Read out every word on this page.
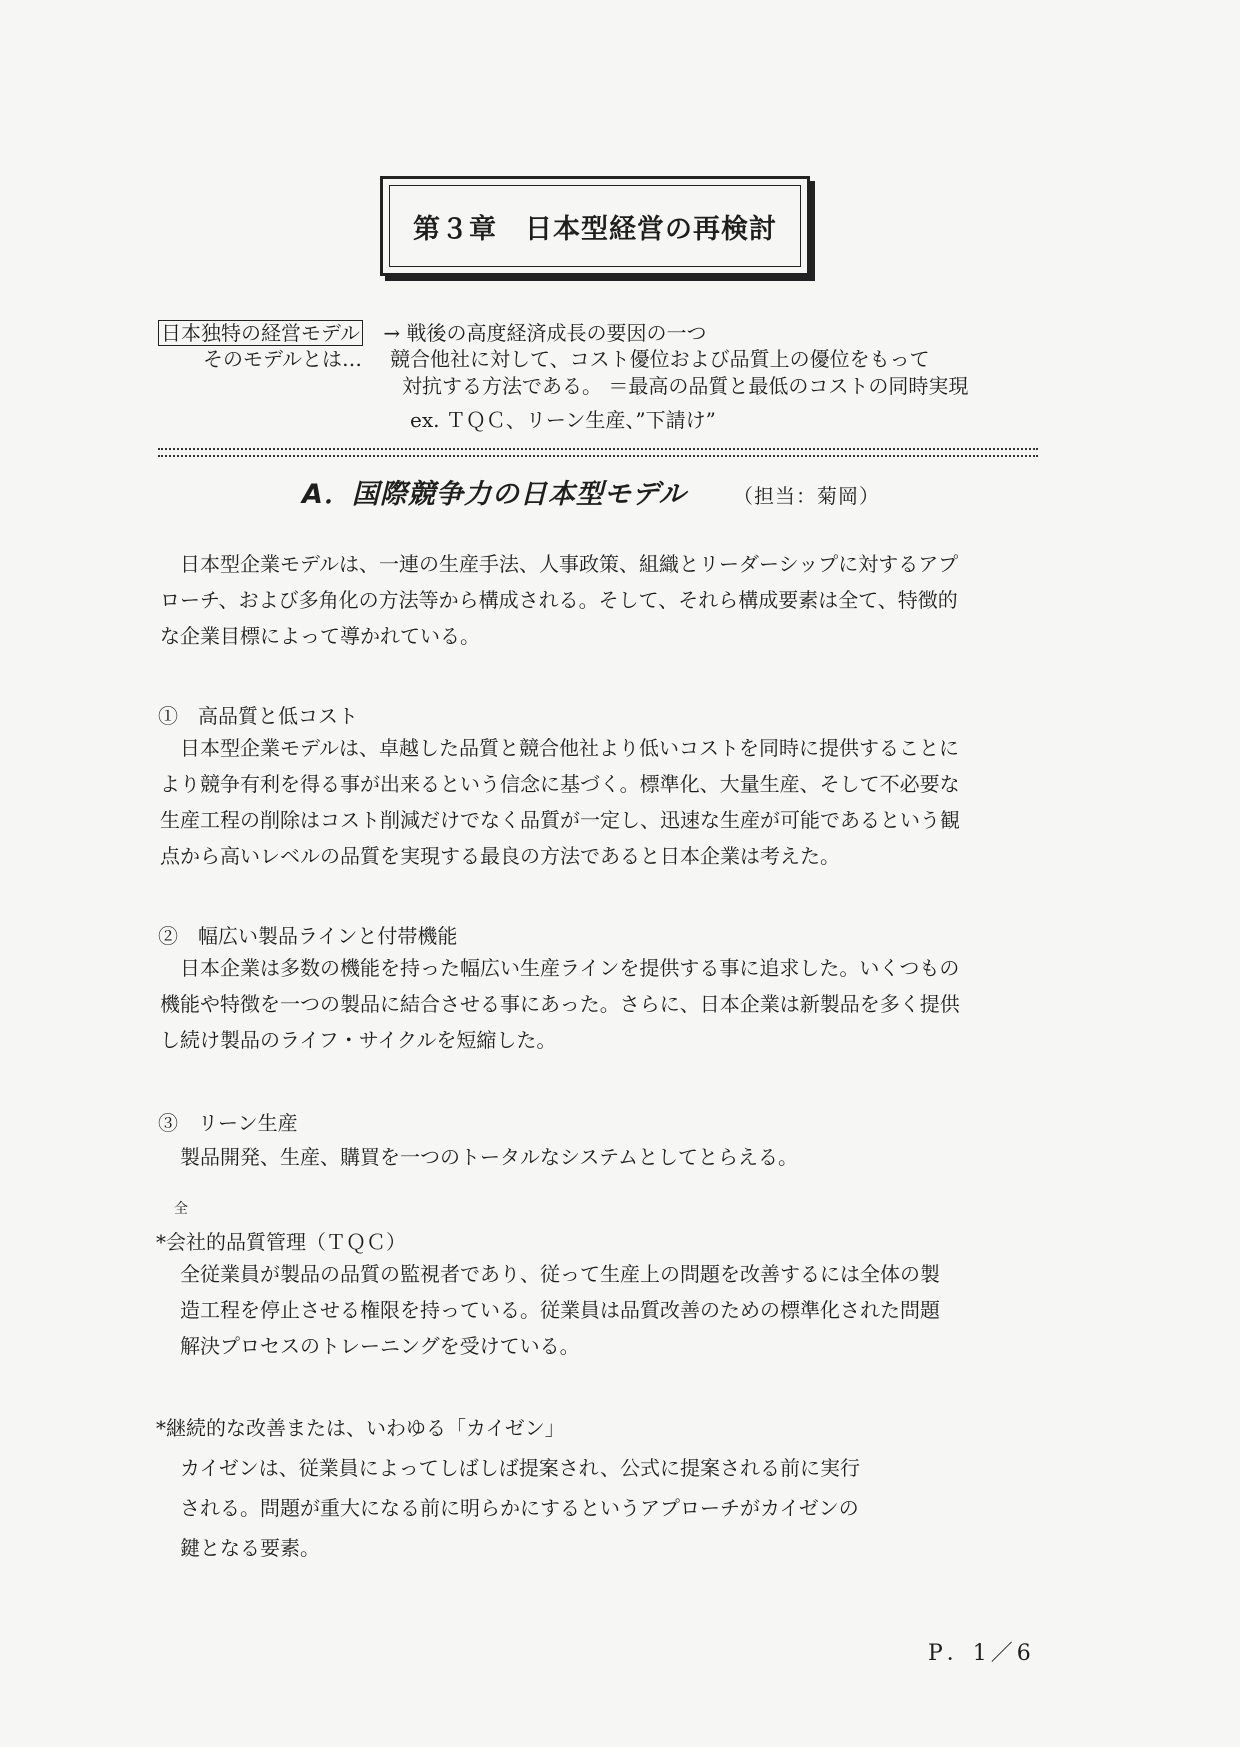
第３章　日本型経営の再検討
日本独特の経営モデル → 戦後の高度経済成長の要因の一つ
そのモデルとは… 競合他社に対して、コスト優位および品質上の優位をもって
対抗する方法である。 ＝最高の品質と最低のコストの同時実現
ex. ＴＱＣ、リーン生産、”下請け”
A．国際競争力の日本型モデル （担当：菊岡）

　日本型企業モデルは、一連の生産手法、人事政策、組織とリーダーシップに対するアプ

ローチ、および多角化の方法等から構成される。そして、それら構成要素は全て、特徴的

な企業目標によって導かれている。

①　高品質と低コスト

　日本型企業モデルは、卓越した品質と競合他社より低いコストを同時に提供することに

より競争有利を得る事が出来るという信念に基づく。標準化、大量生産、そして不必要な

生産工程の削除はコスト削減だけでなく品質が一定し、迅速な生産が可能であるという観

点から高いレベルの品質を実現する最良の方法であると日本企業は考えた。

②　幅広い製品ラインと付帯機能

　日本企業は多数の機能を持った幅広い生産ラインを提供する事に追求した。いくつもの

機能や特徴を一つの製品に結合させる事にあった。さらに、日本企業は新製品を多く提供

し続け製品のライフ・サイクルを短縮した。

③　リーン生産

　製品開発、生産、購買を一つのトータルなシステムとしてとらえる。

全
*会社的品質管理（ＴＱＣ）

　全従業員が製品の品質の監視者であり、従って生産上の問題を改善するには全体の製

　造工程を停止させる権限を持っている。従業員は品質改善のための標準化された問題

　解決プロセスのトレーニングを受けている。

*継続的な改善または、いわゆる「カイゼン」

　カイゼンは、従業員によってしばしば提案され、公式に提案される前に実行

　される。問題が重大になる前に明らかにするというアプローチがカイゼンの

　鍵となる要素。

P．1／6
